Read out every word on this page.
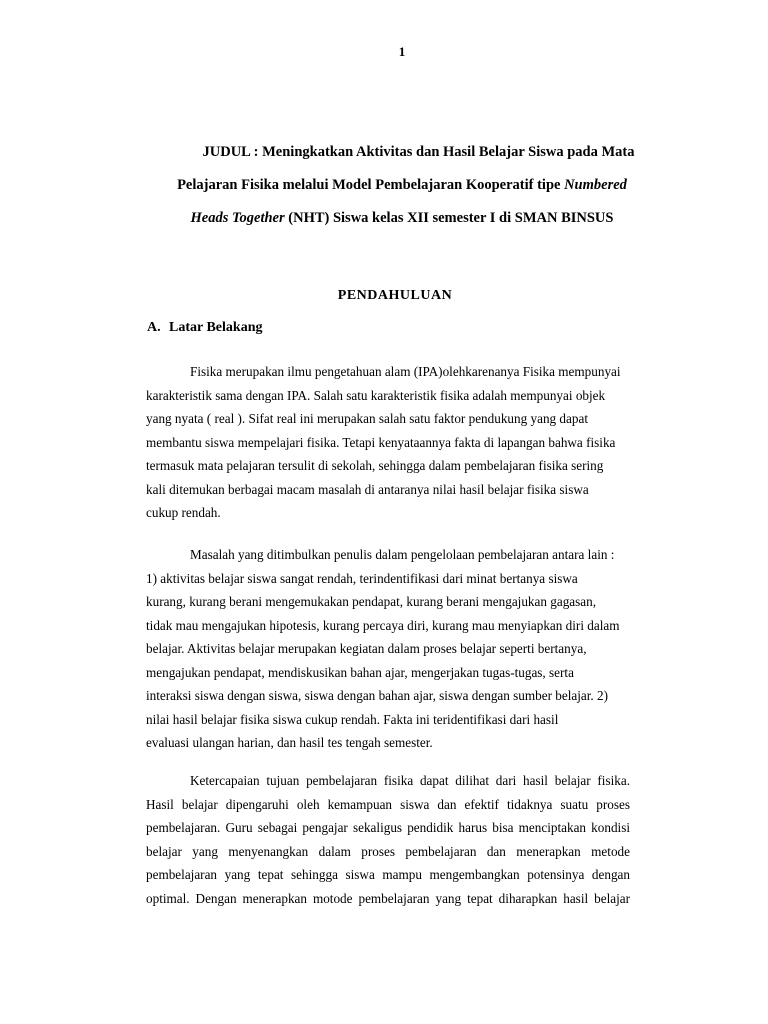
1
JUDUL : Meningkatkan Aktivitas dan Hasil Belajar Siswa pada Mata
Pelajaran Fisika melalui Model Pembelajaran Kooperatif tipe Numbered
Heads Together (NHT) Siswa kelas XII semester I di SMAN BINSUS
PENDAHULUAN
A. Latar Belakang
Fisika merupakan ilmu pengetahuan alam (IPA)olehkarenanya Fisika mempunyai
karakteristik sama dengan IPA. Salah satu karakteristik fisika adalah mempunyai objek
yang nyata ( real ). Sifat real ini merupakan salah satu faktor pendukung yang dapat
membantu siswa mempelajari fisika. Tetapi kenyataannya fakta di lapangan bahwa fisika
termasuk mata pelajaran tersulit di sekolah, sehingga dalam pembelajaran fisika sering
kali ditemukan berbagai macam masalah di antaranya nilai hasil belajar fisika siswa
cukup rendah.
Masalah yang ditimbulkan penulis dalam pengelolaan pembelajaran antara lain :
1) aktivitas belajar siswa sangat rendah, terindentifikasi dari minat bertanya siswa
kurang, kurang berani mengemukakan pendapat, kurang berani mengajukan gagasan,
tidak mau mengajukan hipotesis, kurang percaya diri, kurang mau menyiapkan diri dalam
belajar. Aktivitas belajar merupakan kegiatan dalam proses belajar seperti bertanya,
mengajukan pendapat, mendiskusikan bahan ajar, mengerjakan tugas-tugas, serta
interaksi siswa dengan siswa, siswa dengan bahan ajar, siswa dengan sumber belajar. 2)
nilai hasil belajar fisika siswa cukup rendah. Fakta ini teridentifikasi dari hasil
evaluasi ulangan harian, dan hasil tes tengah semester.
Ketercapaian tujuan pembelajaran fisika dapat dilihat dari hasil belajar fisika.
Hasil belajar dipengaruhi oleh kemampuan siswa dan efektif tidaknya suatu proses
pembelajaran. Guru sebagai pengajar sekaligus pendidik harus bisa menciptakan kondisi
belajar yang menyenangkan dalam proses pembelajaran dan menerapkan metode
pembelajaran yang tepat sehingga siswa mampu mengembangkan potensinya dengan
optimal. Dengan menerapkan motode pembelajaran yang tepat diharapkan hasil belajar
